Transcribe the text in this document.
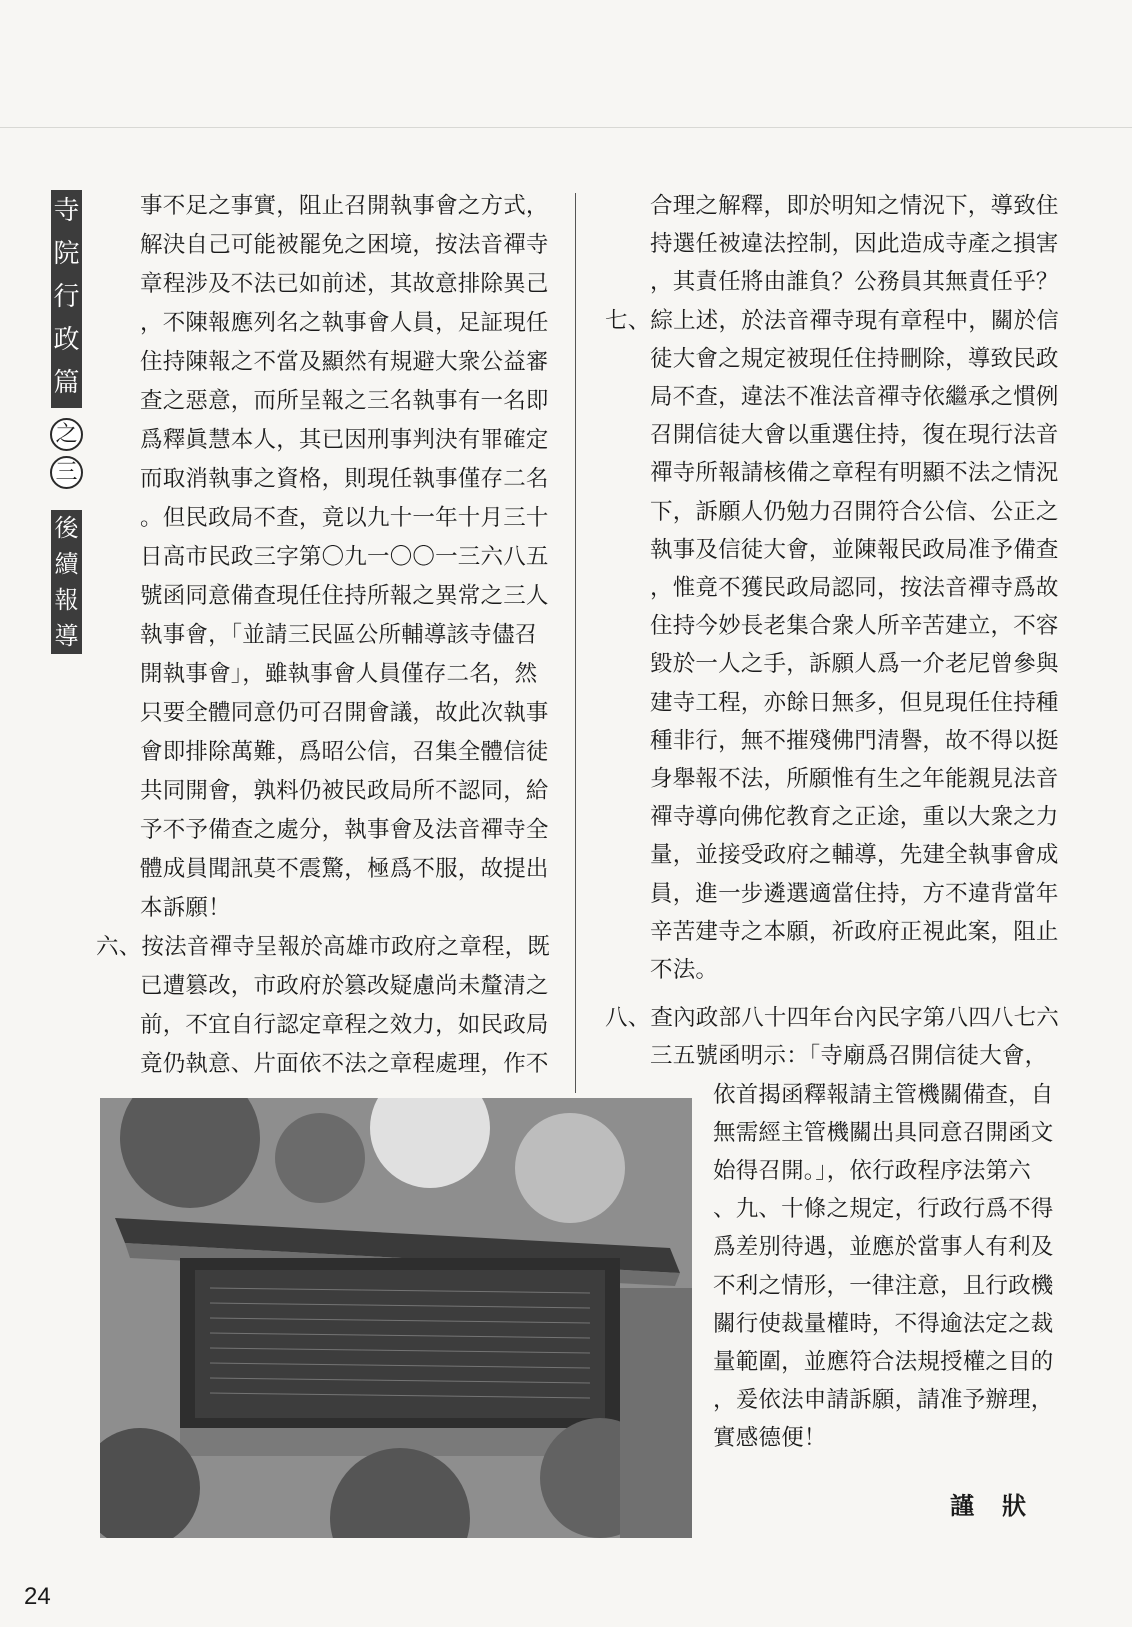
寺
院
行
政
篇
之
三
後
續
報
導
事不足之事實，阻止召開執事會之方式，
解決自己可能被罷免之困境，按法音禪寺
章程涉及不法已如前述，其故意排除異己
，不陳報應列名之執事會人員，足証現任
住持陳報之不當及顯然有規避大衆公益審
查之惡意，而所呈報之三名執事有一名即
爲釋眞慧本人，其已因刑事判決有罪確定
而取消執事之資格，則現任執事僅存二名
。但民政局不查，竟以九十一年十月三十
日高市民政三字第〇九一〇〇一三六八五
號函同意備查現任住持所報之異常之三人
執事會，「並請三民區公所輔導該寺儘召
開執事會」，雖執事會人員僅存二名，然
只要全體同意仍可召開會議，故此次執事
會即排除萬難，爲昭公信，召集全體信徒
共同開會，孰料仍被民政局所不認同，給
予不予備查之處分，執事會及法音禪寺全
體成員聞訊莫不震驚，極爲不服，故提出
本訴願！
六、按法音禪寺呈報於高雄市政府之章程，既
已遭篡改，市政府於篡改疑慮尚未釐清之
前，不宜自行認定章程之效力，如民政局
竟仍執意、片面依不法之章程處理，作不
合理之解釋，即於明知之情況下，導致住
持選任被違法控制，因此造成寺產之損害
，其責任將由誰負？公務員其無責任乎？
七、綜上述，於法音禪寺現有章程中，關於信
徒大會之規定被現任住持刪除，導致民政
局不查，違法不准法音禪寺依繼承之慣例
召開信徒大會以重選住持，復在現行法音
禪寺所報請核備之章程有明顯不法之情況
下，訴願人仍勉力召開符合公信、公正之
執事及信徒大會，並陳報民政局准予備查
，惟竟不獲民政局認同，按法音禪寺爲故
住持今妙長老集合衆人所辛苦建立，不容
毀於一人之手，訴願人爲一介老尼曾參與
建寺工程，亦餘日無多，但見現任住持種
種非行，無不摧殘佛門清譽，故不得以挺
身舉報不法，所願惟有生之年能親見法音
禪寺導向佛佗教育之正途，重以大衆之力
量，並接受政府之輔導，先建全執事會成
員，進一步遴選適當住持，方不違背當年
辛苦建寺之本願，祈政府正視此案，阻止
不法。
八、查內政部八十四年台內民字第八四八七六
三五號函明示：「寺廟爲召開信徒大會，
依首揭函釋報請主管機關備查，自
無需經主管機關出具同意召開函文
始得召開。」，依行政程序法第六
、九、十條之規定，行政行爲不得
爲差別待遇，並應於當事人有利及
不利之情形，一律注意，且行政機
關行使裁量權時，不得逾法定之裁
量範圍，並應符合法規授權之目的
，爰依法申請訴願，請准予辦理，
實感德便！
謹狀
24
